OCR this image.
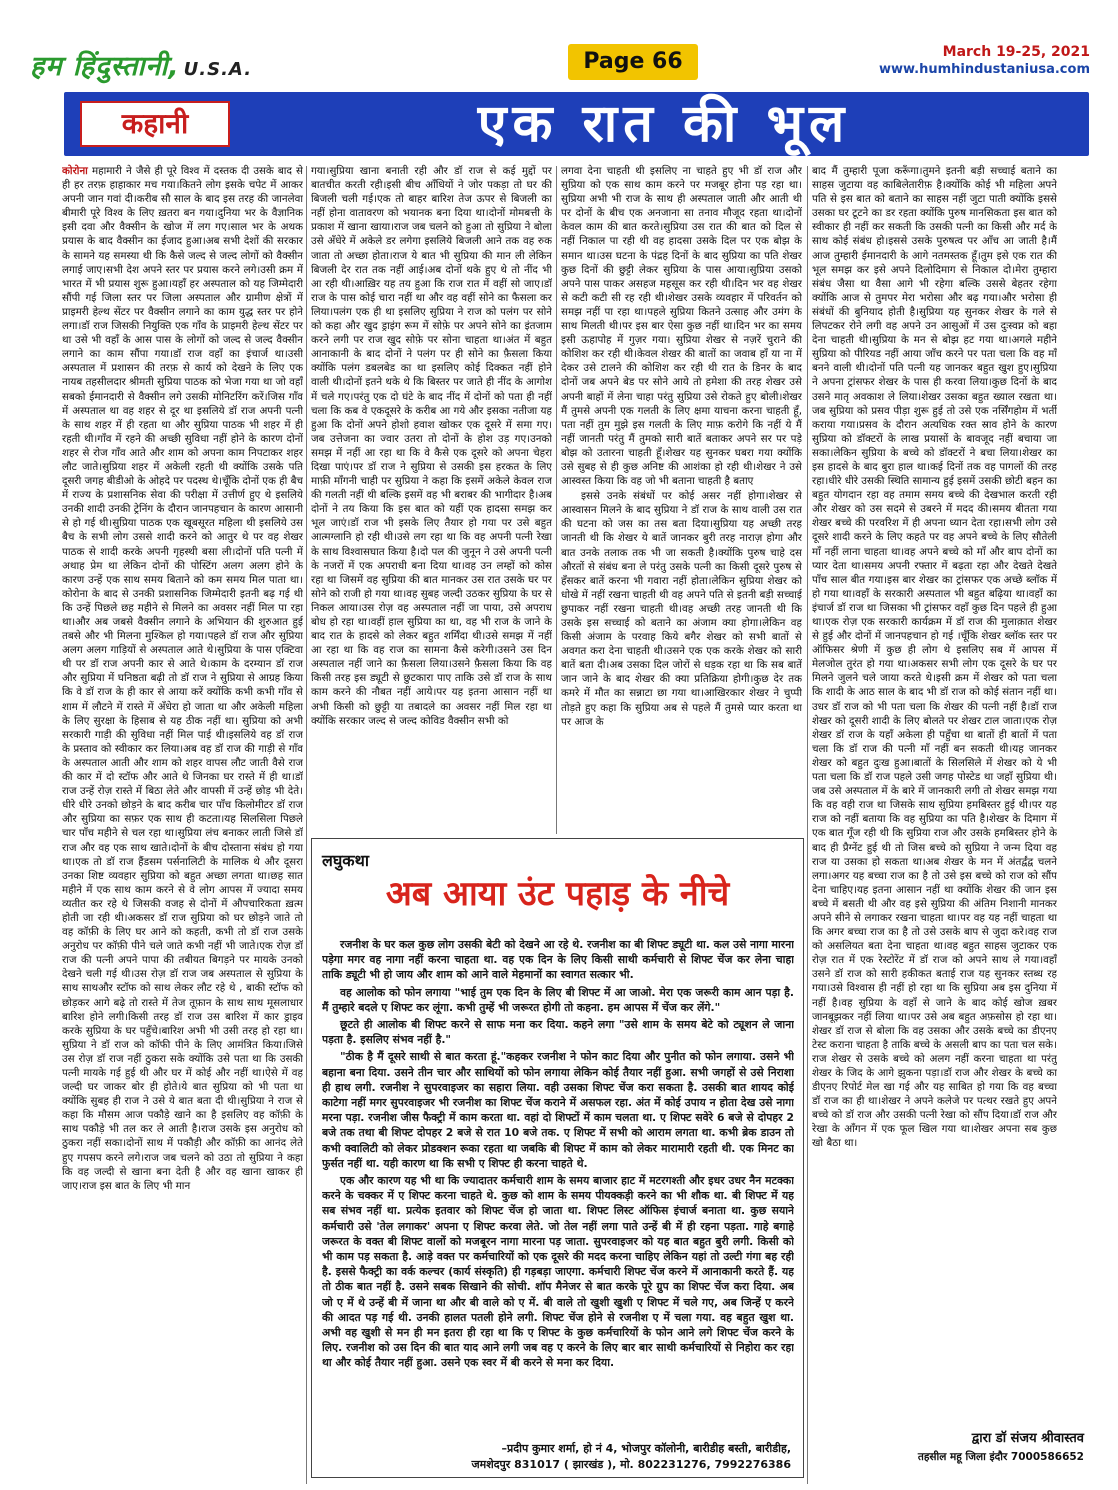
हम हिंदुस्तानी, U.S.A.	Page 66	March 19-25, 2021
www.humhindustaniusa.com
कहानी	एक रात की भूल

कोरोना महामारी ने जैसे ही पूरे विश्व में दस्तक दी उसके बाद से ही हर तरफ़ हाहाकार मच गया।कितने लोग इसके चपेट में आकर अपनी जान गवां दी।करीब सौ साल के बाद इस तरह की जानलेवा बीमारी पूरे विश्व के लिए ख़तरा बन गया।दुनिया भर के वैज्ञानिक इसी दवा और वैक्सीन के खोज में लग गए।साल भर के अथक प्रयास के बाद वैक्सीन का ईजाद हुआ।अब सभी देशों की सरकार के सामने यह समस्या थी कि कैसे जल्द से जल्द लोगों को वैक्सीन लगाई जाए।सभी देश अपने स्तर पर प्रयास करने लगे।उसी क्रम में भारत में भी प्रयास शुरू हुआ।यहाँ हर अस्पताल को यह जिम्मेदारी सौंपी गई जिला स्तर पर जिला अस्पताल और ग्रामीण क्षेत्रों में प्राइमरी हेल्थ सेंटर पर वैक्सीन लगाने का काम युद्ध स्तर पर होने लगा।डॉ राज जिसकी नियुक्ति एक गाँव के प्राइमरी हेल्थ सेंटर पर था उसे भी वहाँ के आस पास के लोगों को जल्द से जल्द वैक्सीन लगाने का काम सौंपा गया।डॉ राज वहाँ का इंचार्ज था।उसी अस्पताल में प्रशासन की तरफ़ से कार्य को देखने के लिए एक नायब तहसीलदार श्रीमती सुप्रिया पाठक को भेजा गया था जो वहाँ सबको ईमानदारी से वैक्सीन लगे उसकी मोनिटरिंग करें।जिस गाँव में अस्पताल था वह शहर से दूर था इसलिये डॉ राज अपनी पत्नी के साथ शहर में ही रहता था और सुप्रिया पाठक भी शहर में ही रहती थी।गाँव में रहने की अच्छी सुविधा नहीं होने के कारण दोनों शहर से रोज गाँव आते और शाम को अपना काम निपटाकर शहर लौट जाते।सुप्रिया शहर में अकेली रहती थी क्योंकि उसके पति दूसरी जगह बीडीओ के ओहदे पर पदस्थ थे।चूँकि दोनों एक ही बैच में राज्य के प्रशासनिक सेवा की परीक्षा में उत्तीर्ण हुए थे इसलिये उनकी शादी उनकी ट्रेनिंग के दौरान जानपहचान के कारण आसानी से हो गई थी।सुप्रिया पाठक एक खूबसूरत महिला थी इसलिये उस बैच के सभी लोग उससे शादी करने को आतुर थे पर वह शेखर पाठक से शादी करके अपनी गृहस्थी बसा ली।दोनों पति पत्नी में अथाह प्रेम था लेकिन दोनों की पोस्टिंग अलग अलग होने के कारण उन्हें एक साथ समय बिताने को कम समय मिल पाता था।कोरोना के बाद से उनकी प्रशासनिक जिम्मेदारी इतनी बढ़ गई थी कि उन्हें पिछले छह महीने से मिलने का अवसर नहीं मिल पा रहा था।और अब जबसे वैक्सीन लगाने के अभियान की शुरुआत हुई तबसे और भी मिलना मुश्किल हो गया।पहले डॉ राज और सुप्रिया अलग अलग गाड़ियों से अस्पताल आते थे।सुप्रिया के पास एक्टिवा थी पर डॉ राज अपनी कार से आते थे।काम के दरम्यान डॉ राज और सुप्रिया में घनिष्ठता बढ़ी तो डॉ राज ने सुप्रिया से आग्रह किया कि वे डॉ राज के ही कार से आया करें क्योंकि कभी कभी गाँव से शाम में लौटने में रास्ते में अँधेरा हो जाता था और अकेली महिला के लिए सुरक्षा के हिसाब से यह ठीक नहीं था। सुप्रिया को अभी सरकारी गाड़ी की सुविधा नहीं मिल पाई थी।इसलिये वह डॉ राज के प्रस्ताव को स्वीकार कर लिया।अब वह डॉ राज की गाड़ी से गाँव के अस्पताल आती और शाम को शहर वापस लौट जाती वैसे राज की कार में दो स्टॉफ और आते थे जिनका घर रास्ते में ही था।डॉ राज उन्हें रोज़ रास्ते में बिठा लेते और वापसी में उन्हें छोड़ भी देते।धीरे धीरे उनको छोड़ने के बाद करीब चार पाँच किलोमीटर डॉ राज और सुप्रिया का सफ़र एक साथ ही कटता।यह सिलसिला पिछले चार पाँच महीने से चल रहा था।सुप्रिया लंच बनाकर लाती जिसे डॉ राज और वह एक साथ खाते।दोनों के बीच दोस्ताना संबंध हो गया था।एक तो डॉ राज हैंडसम पर्सनालिटी के मालिक थे और दूसरा उनका शिष्ट व्यवहार सुप्रिया को बहुत अच्छा लगता था।छह सात महीने में एक साथ काम करने से वे लोग आपस में ज्यादा समय व्यतीत कर रहे थे जिसकी वजह से दोनों में औपचारिकता ख़त्म होती जा रही थी।अकसर डॉ राज सुप्रिया को घर छोड़ने जाते तो वह कॉफ़ी के लिए घर आने को कहती, कभी तो डॉ राज उसके अनुरोध पर कॉफ़ी पीने चले जाते कभी नहीं भी जाते।एक रोज़ डॉ राज की पत्नी अपने पापा की तबीयत बिगड़ने पर मायके उनको देखने चली गई थी।उस रोज़ डॉ राज जब अस्पताल से सुप्रिया के साथ साथऔर स्टॉफ को साथ लेकर लौट रहे थे , बाकी स्टॉफ को छोड़कर आगे बढ़े तो रास्ते में तेज तूफ़ान के साथ साथ मूसलाधार बारिश होने लगी।किसी तरह डॉ राज उस बारिश में कार ड्राइव करके सुप्रिया के घर पहुँचे।बारिश अभी भी उसी तरह हो रहा था।सुप्रिया ने डॉ राज को कॉफी पीने के लिए आमंत्रित किया।जिसे उस रोज़ डॉ राज नहीं ठुकरा सके क्योंकि उसे पता था कि उसकी पत्नी मायके गई हुई थी और घर में कोई और नहीं था।ऐसे में वह जल्दी घर जाकर बोर ही होते।ये बात सुप्रिया को भी पता था क्योंकि सुबह ही राज ने उसे ये बात बता दी थी।सुप्रिया ने राज से कहा कि मौसम आज पकौड़े खाने का है इसलिए वह कॉफ़ी के साथ पकौड़े भी तल कर ले आती है।राज उसके इस अनुरोध को ठुकरा नहीं सका।दोनों साथ में पकौड़ी और कॉफ़ी का आनंद लेते हुए गपसप करने लगे।राज जब चलने को उठा तो सुप्रिया ने कहा कि वह जल्दी से खाना बना देती है और वह खाना खाकर ही जाए।राज इस बात के लिए भी मान

गया।सुप्रिया खाना बनाती रही और डॉ राज से कई मुद्दों पर बातचीत करती रही।इसी बीच आँधियों ने जोर पकड़ा तो घर की बिजली चली गई।एक तो बाहर बारिश तेज ऊपर से बिजली का नहीं होना वातावरण को भयानक बना दिया था।दोनों मोमबत्ती के प्रकाश में खाना खाया।राज जब चलने को हुआ तो सुप्रिया ने बोला उसे अँधेरे में अकेले डर लगेगा इसलिये बिजली आने तक वह रुक जाता तो अच्छा होता।राज ये बात भी सुप्रिया की मान ली लेकिन बिजली देर रात तक नहीं आई।अब दोनों थके हुए थे तो नींद भी आ रही थी।आख़िर यह तय हुआ कि राज रात में वहीं सो जाए।डॉ राज के पास कोई चारा नहीं था और वह वहीं सोने का फैसला कर लिया।पलंग एक ही था इसलिए सुप्रिया ने राज को पलंग पर सोने को कहा और खुद ड्राइंग रूम में सोफ़े पर अपने सोने का इंतजाम करने लगी पर राज खुद सोफ़े पर सोना चाहता था।अंत में बहुत आनाकानी के बाद दोनों ने पलंग पर ही सोने का फ़ैसला किया क्योंकि पलंग डबलबेड का था इसलिए कोई दिक्कत नहीं होने वाली थी।दोनों इतने थके थे कि बिस्तर पर जाते ही नींद के आगोश में चले गए।परंतु एक दो घंटे के बाद नींद में दोनों को पता ही नहीं चला कि कब वे एकदूसरे के करीब आ गये और इसका नतीजा यह हुआ कि दोनों अपने होशो हवाश खोकर एक दूसरे में समा गए।जब उत्तेजना का ज्वार उतरा तो दोनों के होश उड़ गए।उनको समझ में नहीं आ रहा था कि वे कैसे एक दूसरे को अपना चेहरा दिखा पाएं।पर डॉ राज ने सुप्रिया से उसकी इस हरकत के लिए माफ़ी माँगनी चाही पर सुप्रिया ने कहा कि इसमें अकेले केवल राज की गलती नहीं थी बल्कि इसमें वह भी बराबर की भागीदार है।अब दोनों ने तय किया कि इस बात को यहीं एक हादसा समझ कर भूल जाएं।डॉ राज भी इसके लिए तैयार हो गया पर उसे बहुत आत्मग्लानि हो रही थी।उसे लग रहा था कि वह अपनी पत्नी रेखा के साथ विश्वासघात किया है।दो पल की जुनून ने उसे अपनी पत्नी के नजरों में एक अपराधी बना दिया था।वह उन लम्हों को कोस रहा था जिसमें वह सुप्रिया की बात मानकर उस रात उसके घर पर सोने को राजी हो गया था।वह सुबह जल्दी उठकर सुप्रिया के घर से निकल आया।उस रोज़ वह अस्पताल नहीं जा पाया, उसे अपराध बोध हो रहा था।वहीं हाल सुप्रिया का था, वह भी राज के जाने के बाद रात के हादसे को लेकर बहुत शर्मिंदा थी।उसे समझ में नहीं आ रहा था कि वह राज का सामना कैसे करेगी।उसने उस दिन अस्पताल नहीं जाने का फ़ैसला लिया।उसने फ़ैसला किया कि वह किसी तरह इस ड्यूटी से छुटकारा पाए ताकि उसे डॉ राज के साथ काम करने की नौबत नहीं आये।पर यह इतना आसान नहीं था अभी किसी को छुट्टी या तबादले का अवसर नहीं मिल रहा था क्योंकि सरकार जल्द से जल्द कोविड वैक्सीन सभी को

लगवा देना चाहती थी इसलिए ना चाहते हुए भी डॉ राज और सुप्रिया को एक साथ काम करने पर मजबूर होना पड़ रहा था। सुप्रिया अभी भी राज के साथ ही अस्पताल जाती और आती थी पर दोनों के बीच एक अनजाना सा तनाव मौजूद रहता था।दोनों केवल काम की बात करते।सुप्रिया उस रात की बात को दिल से नहीं निकाल पा रही थी वह हादसा उसके दिल पर एक बोझ के समान था।उस घटना के पंद्रह दिनों के बाद सुप्रिया का पति शेखर कुछ दिनों की छुट्टी लेकर सुप्रिया के पास आया।सुप्रिया उसको अपने पास पाकर असहज महसूस कर रही थी।दिन भर वह शेखर से कटी कटी सी रह रही थी।शेखर उसके व्यवहार में परिवर्तन को समझ नहीं पा रहा था।पहले सुप्रिया कितने उत्साह और उमंग के साथ मिलती थी।पर इस बार ऐसा कुछ नहीं था।दिन भर का समय इसी ऊहापोह में गुज़र गया। सुप्रिया शेखर से नज़रें चुराने की कोशिश कर रही थी।केवल शेखर की बातों का जवाब हाँ या ना में देकर उसे टालने की कोशिश कर रही थी रात के डिनर के बाद दोनों जब अपने बेड पर सोने आये तो हमेशा की तरह शेखर उसे अपनी बाहों में लेना चाहा परंतु सुप्रिया उसे रोकते हुए बोली।शेखर मैं तुमसे अपनी एक गलती के लिए क्षमा याचना करना चाहती हूँ, पता नहीं तुम मुझे इस गलती के लिए माफ़ करोगे कि नहीं ये मैं नहीं जानती परंतु मैं तुमको सारी बातें बताकर अपने सर पर पड़े बोझ को उतारना चाहती हूँ।शेखर यह सुनकर घबरा गया क्योंकि उसे सुबह से ही कुछ अनिष्ट की आशंका हो रही थी।शेखर ने उसे आस्वस्त किया कि वह जो भी बताना चाहती है बताए

इससे उनके संबंधों पर कोई असर नहीं होगा।शेखर से आस्वासन मिलने के बाद सुप्रिया ने डॉ राज के साथ वाली उस रात की घटना को जस का तस बता दिया।सुप्रिया यह अच्छी तरह जानती थी कि शेखर ये बातें जानकर बुरी तरह नाराज़ होगा और बात उनके तलाक तक भी जा सकती है।क्योंकि पुरुष चाहे दस औरतों से संबंध बना ले परंतु उसके पत्नी का किसी दूसरे पुरुष से हँसकर बातें करना भी गवारा नहीं होता।लेकिन सुप्रिया शेखर को धोखे में नहीं रखना चाहती थी वह अपने पति से इतनी बड़ी सच्चाई छुपाकर नहीं रखना चाहती थी।वह अच्छी तरह जानती थी कि उसके इस सच्चाई को बताने का अंजाम क्या होगा।लेकिन वह किसी अंजाम के परवाह किये बगैर शेखर को सभी बातों से अवगत करा देना चाहती थी।उसने एक एक करके शेखर को सारी बातें बता दी।अब उसका दिल जोरों से धड़क रहा था कि सब बातें जान जाने के बाद शेखर की क्या प्रतिक्रिया होगी।कुछ देर तक कमरे में मौत का सन्नाटा छा गया था।आखिरकार शेखर ने चुप्पी तोड़ते हुए कहा कि सुप्रिया अब से पहले मैं तुमसे प्यार करता था पर आज के

बाद मैं तुम्हारी पूजा करूँगा।तुमने इतनी बड़ी सच्चाई बताने का साहस जुटाया वह काबिलेतारीफ़ है।क्योंकि कोई भी महिला अपने पति से इस बात को बताने का साहस नहीं जुटा पाती क्योंकि इससे उसका घर टूटने का डर रहता क्योंकि पुरुष मानसिकता इस बात को स्वीकार ही नहीं कर सकती कि उसकी पत्नी का किसी और मर्द के साथ कोई संबंध हो।इससे उसके पुरुषत्व पर आँच आ जाती है।मैं आज तुम्हारी ईमानदारी के आगे नतमस्तक हूँ।तुम इसे एक रात की भूल समझ कर इसे अपने दिलोदिमाग से निकाल दो।मेरा तुम्हारा संबंध जैसा था वैसा आगे भी रहेगा बल्कि उससे बेहतर रहेगा क्योंकि आज से तुमपर मेरा भरोसा और बढ़ गया।और भरोसा ही संबंधों की बुनियाद होती है।सुप्रिया यह सुनकर शेखर के गले से लिपटकर रोने लगी वह अपने उन आसुओं में उस दुःस्वप्न को बहा देना चाहती थी।सुप्रिया के मन से बोझ हट गया था।अगले महीने सुप्रिया को पीरियड नहीं आया जाँच करने पर पता चला कि वह माँ बनने वाली थी।दोनों पति पत्नी यह जानकर बहुत खुश हुए।सुप्रिया ने अपना ट्रांसफर शेखर के पास ही करवा लिया।कुछ दिनों के बाद उसने मातृ अवकाश ले लिया।शेखर उसका बहुत ख्याल रखता था।जब सुप्रिया को प्रसव पीड़ा शुरू हुई तो उसे एक नर्सिंगहोम में भर्ती कराया गया।प्रसव के दौरान अत्यधिक रक्त स्राव होने के कारण सुप्रिया को डॉक्टरों के लाख प्रयासों के बावजूद नहीं बचाया जा सका।लेकिन सुप्रिया के बच्चे को डॉक्टरों ने बचा लिया।शेखर का इस हादसे के बाद बुरा हाल था।कई दिनों तक वह पागलों की तरह रहा।धीरे धीरे उसकी स्थिति सामान्य हुई इसमें उसकी छोटी बहन का बहुत योगदान रहा वह तमाम समय बच्चे की देखभाल करती रही और शेखर को उस सदमे से उबरने में मदद की।समय बीतता गया शेखर बच्चे की परवरिश में ही अपना ध्यान देता रहा।सभी लोग उसे दूसरे शादी करने के लिए कहते पर वह अपने बच्चे के लिए सौतेली माँ नहीं लाना चाहता था।वह अपने बच्चे को माँ और बाप दोनों का प्यार देता था।समय अपनी रफ्तार में बढ़ता रहा और देखते देखते पाँच साल बीत गया।इस बार शेखर का ट्रांसफर एक अच्छे ब्लॉक में हो गया था।वहाँ के सरकारी अस्पताल भी बहुत बढ़िया था।वहाँ का इंचार्ज डॉ राज था जिसका भी ट्रांसफर वहाँ कुछ दिन पहले ही हुआ था।एक रोज़ एक सरकारी कार्यक्रम में डॉ राज की मुलाक़ात शेखर से हुई और दोनों में जानपहचान हो गई ।चूँकि शेखर ब्लॉक स्तर पर ऑफिसर श्रेणी में कुछ ही लोग थे इसलिए सब में आपस में मेलजोल तुरंत हो गया था।अकसर सभी लोग एक दूसरे के घर पर मिलने जुलने चले जाया करते थे।इसी क्रम में शेखर को पता चला कि शादी के आठ साल के बाद भी डॉ राज को कोई संतान नहीं था।उधर डॉ राज को भी पता चला कि शेखर की पत्नी नहीं है।डॉ राज शेखर को दूसरी शादी के लिए बोलते पर शेखर टाल जाता।एक रोज़ शेखर डॉ राज के यहाँ अकेला ही पहुँचा था बातों ही बातों में पता चला कि डॉ राज की पत्नी माँ नहीं बन सकती थी।यह जानकर शेखर को बहुत दुःख हुआ।बातों के सिलसिले में शेखर को ये भी पता चला कि डॉ राज पहले उसी जगह पोस्टेड था जहाँ सुप्रिया थी।जब उसे अस्पताल में के बारे में जानकारी लगी तो शेखर समझ गया कि वह वही राज था जिसके साथ सुप्रिया हमबिस्तर हुई थी।पर यह राज को नहीं बताया कि वह सुप्रिया का पति है।शेखर के दिमाग में एक बात गूँज रही थी कि सुप्रिया राज और उसके हमबिस्तर होने के बाद ही प्रैग्नेंट हुई थी तो जिस बच्चे को सुप्रिया ने जन्म दिया वह राज या उसका हो सकता था।अब शेखर के मन में अंतर्द्वंद्व चलने लगा।अगर यह बच्चा राज का है तो उसे इस बच्चे को राज को सौंप देना चाहिए।यह इतना आसान नहीं था क्योंकि शेखर की जान इस बच्चे में बसती थी और वह इसे सुप्रिया की अंतिम निशानी मानकर अपने सीने से लगाकर रखना चाहता था।पर वह यह नहीं चाहता था कि अगर बच्चा राज का है तो उसे उसके बाप से जुदा करे।वह राज को असलियत बता देना चाहता था।वह बहुत साहस जुटाकर एक रोज़ रात में एक रेस्टोरेंट में डॉ राज को अपने साथ ले गया।वहाँ उसने डॉ राज को सारी हकीकत बताई राज यह सुनकर स्तब्ध रह गया।उसे विश्वास ही नहीं हो रहा था कि सुप्रिया अब इस दुनिया में नहीं है।वह सुप्रिया के वहाँ से जाने के बाद कोई खोज ख़बर जानबूझकर नहीं लिया था।पर उसे अब बहुत अफ़सोस हो रहा था।शेखर डॉ राज से बोला कि वह उसका और उसके बच्चे का डीएनए टेस्ट कराना चाहता है ताकि बच्चे के असली बाप का पता चल सके।राज शेखर से उसके बच्चे को अलग नहीं करना चाहता था परंतु शेखर के जिद के आगे झुकना पड़ा।डॉ राज और शेखर के बच्चे का डीएनए रिपोर्ट मेल खा गई और यह साबित हो गया कि वह बच्चा डॉ राज का ही था।शेखर ने अपने कलेजे पर पत्थर रखते हुए अपने बच्चे को डॉ राज और उसकी पत्नी रेखा को सौंप दिया।डॉ राज और रेखा के आँगन में एक फूल खिल गया था।शेखर अपना सब कुछ खो बैठा था।

लघुकथा
अब आया उंट पहाड़ के नीचे

रजनीश के घर कल कुछ लोग उसकी बेटी को देखने आ रहे थे. रजनीश का बी शिफ्ट ड्यूटी था. कल उसे नागा मारना पड़ेगा मगर वह नागा नहीं करना चाहता था. वह एक दिन के लिए किसी साथी कर्मचारी से शिफ्ट चेंज कर लेना चाहा ताकि ड्यूटी भी हो जाय और शाम को आने वाले मेहमानों का स्वागत सत्कार भी.

वह आलोक को फोन लगाया "भाई तुम एक दिन के लिए बी शिफ्ट में आ जाओ. मेरा एक जरूरी काम आन पड़ा है. मैं तुम्हारे बदले ए शिफ्ट कर लूंगा. कभी तुम्हें भी जरूरत होगी तो कहना. हम आपस में चेंज कर लेंगे."

छूटते ही आलोक बी शिफ्ट करने से साफ मना कर दिया. कहने लगा "उसे शाम के समय बेटे को ट्यूशन ले जाना पड़ता है. इसलिए संभव नहीं है."

"ठीक है मैं दूसरे साथी से बात करता हूं."कहकर रजनीश ने फोन काट दिया और पुनीत को फोन लगाया. उसने भी बहाना बना दिया. उसने तीन चार और साथियों को फोन लगाया लेकिन कोई तैयार नहीं हुआ. सभी जगहों से उसे निराशा ही हाथ लगी. रजनीश ने सुपरवाइजर का सहारा लिया. वही उसका शिफ्ट चेंज करा सकता है. उसकी बात शायद कोई काटेगा नहीं मगर सुपरवाइजर भी रजनीश का शिफ्ट चेंज कराने में असफल रहा. अंत में कोई उपाय न होता देख उसे नागा मरना पड़ा. रजनीश जीस फैक्ट्री में काम करता था. वहां दो शिफ्टों में काम चलता था. ए शिफ्ट सवेरे 6 बजे से दोपहर 2 बजे तक तथा बी शिफ्ट दोपहर 2 बजे से रात 10 बजे तक. ए शिफ्ट में सभी को आराम लगता था. कभी ब्रेक डाउन तो कभी क्वालिटी को लेकर प्रोडक्शन रूका रहता था जबकि बी शिफ्ट में काम को लेकर मारामारी रहती थी. एक मिनट का फुर्सत नहीं था. यही कारण था कि सभी ए शिफ्ट ही करना चाहते थे.

एक और कारण यह भी था कि ज्यादातर कर्मचारी शाम के समय बाजार हाट में मटरगश्ती और इधर उधर नैन मटक्का करने के चक्कर में ए शिफ्ट करना चाहते थे. कुछ को शाम के समय पीयक्कड़ी करने का भी शौक था. बी शिफ्ट में यह सब संभव नहीं था. प्रत्येक इतवार को शिफ्ट चेंज हो जाता था. शिफ्ट लिस्ट ऑफिस इंचार्ज बनाता था. कुछ सयाने कर्मचारी उसे 'तेल लगाकर' अपना ए शिफ्ट करवा लेते. जो तेल नहीं लगा पाते उन्हें बी में ही रहना पड़ता. गाहे बगाहे जरूरत के वक्त बी शिफ्ट वालों को मजबूरन नागा मारना पड़ जाता. सुपरवाइजर को यह बात बहुत बुरी लगी. किसी को भी काम पड़ सकता है. आड़े वक्त पर कर्मचारियों को एक दूसरे की मदद करना चाहिए लेकिन यहां तो उल्टी गंगा बह रही है. इससे फैक्ट्री का वर्क कल्चर (कार्य संस्कृति) ही गड़बड़ा जाएगा. कर्मचारी शिफ्ट चेंज करने में आनाकानी करते हैं. यह तो ठीक बात नहीं है. उसने सबक सिखाने की सोची. शॉप मैनेजर से बात करके पूरे ग्रुप का शिफ्ट चेंज करा दिया. अब जो ए में थे उन्हें बी में जाना था और बी वाले को ए में. बी वाले तो खुशी खुशी ए शिफ्ट में चले गए, अब जिन्हें ए करने की आदत पड़ गई थी. उनकी हालत पतली होने लगी. शिफ्ट चेंज होने से रजनीश ए में चला गया. वह बहुत खुश था. अभी वह खुशी से मन ही मन इतरा ही रहा था कि ए शिफ्ट के कुछ कर्मचारियों के फोन आने लगे शिफ्ट चेंज करने के लिए. रजनीश को उस दिन की बात याद आने लगी जब वह ए करने के लिए बार बार साथी कर्मचारियों से निहोरा कर रहा था और कोई तैयार नहीं हुआ. उसने एक स्वर में बी करने से मना कर दिया.

–प्रदीप कुमार शर्मा, हो नं 4, भोजपुर कॉलोनी, बारीडीह बस्ती, बारीडीह,
जमशेदपुर 831017 ( झारखंड ), मो. 802231276, 7992276386
द्वारा डॉ संजय श्रीवास्तव
तहसील महू जिला इंदौर 7000586652
